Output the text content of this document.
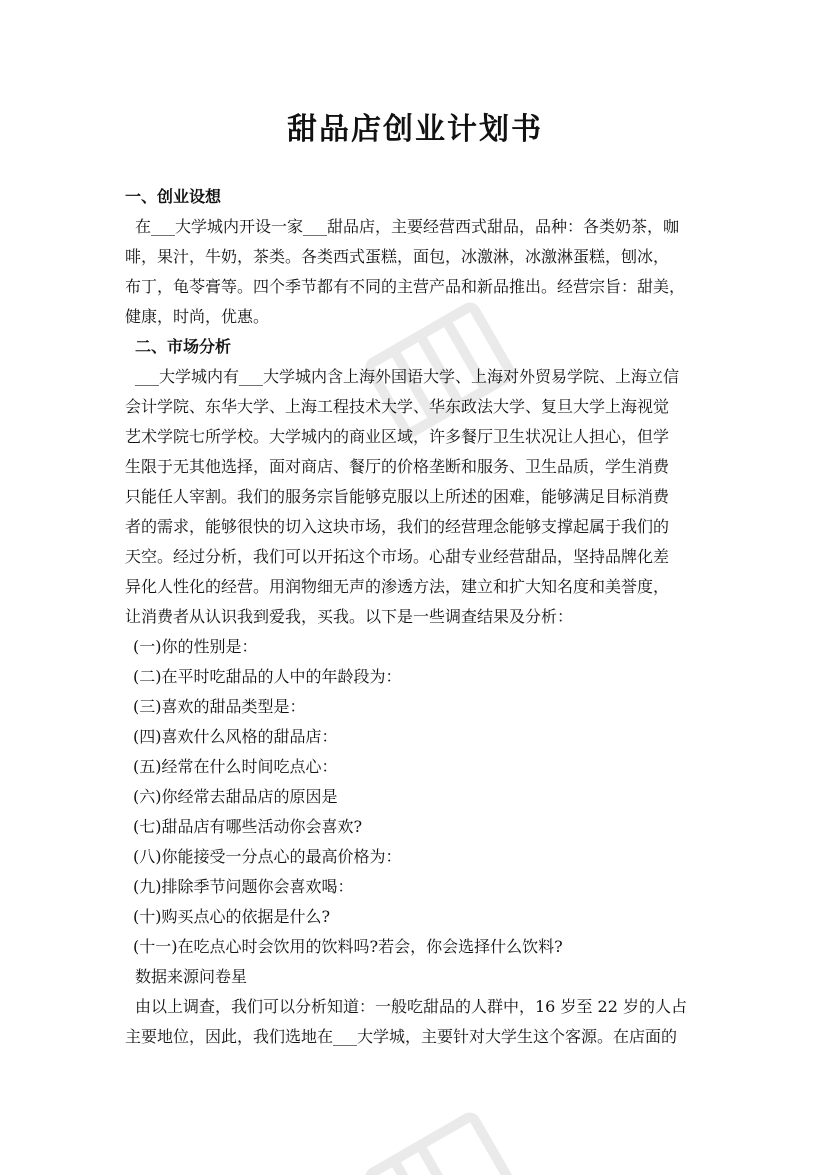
甜品店创业计划书
一、创业设想
在___大学城内开设一家___甜品店，主要经营西式甜品，品种：各类奶茶，咖
啡，果汁，牛奶，茶类。各类西式蛋糕，面包，冰激淋，冰激淋蛋糕，刨冰，
布丁，龟苓膏等。四个季节都有不同的主营产品和新品推出。经营宗旨：甜美，
健康，时尚，优惠。
二、市场分析
___大学城内有___大学城内含上海外国语大学、上海对外贸易学院、上海立信
会计学院、东华大学、上海工程技术大学、华东政法大学、复旦大学上海视觉
艺术学院七所学校。大学城内的商业区域，许多餐厅卫生状况让人担心，但学
生限于无其他选择，面对商店、餐厅的价格垄断和服务、卫生品质，学生消费
只能任人宰割。我们的服务宗旨能够克服以上所述的困难，能够满足目标消费
者的需求，能够很快的切入这块市场，我们的经营理念能够支撑起属于我们的
天空。经过分析，我们可以开拓这个市场。心甜专业经营甜品，坚持品牌化差
异化人性化的经营。用润物细无声的渗透方法，建立和扩大知名度和美誉度，
让消费者从认识我到爱我，买我。以下是一些调查结果及分析：
(一)你的性别是：
(二)在平时吃甜品的人中的年龄段为：
(三)喜欢的甜品类型是：
(四)喜欢什么风格的甜品店：
(五)经常在什么时间吃点心：
(六)你经常去甜品店的原因是
(七)甜品店有哪些活动你会喜欢?
(八)你能接受一分点心的最高价格为：
(九)排除季节问题你会喜欢喝：
(十)购买点心的依据是什么?
(十一)在吃点心时会饮用的饮料吗?若会，你会选择什么饮料?
数据来源问卷星
由以上调查，我们可以分析知道：一般吃甜品的人群中，16 岁至 22 岁的人占
主要地位，因此，我们选地在___大学城，主要针对大学生这个客源。在店面的
